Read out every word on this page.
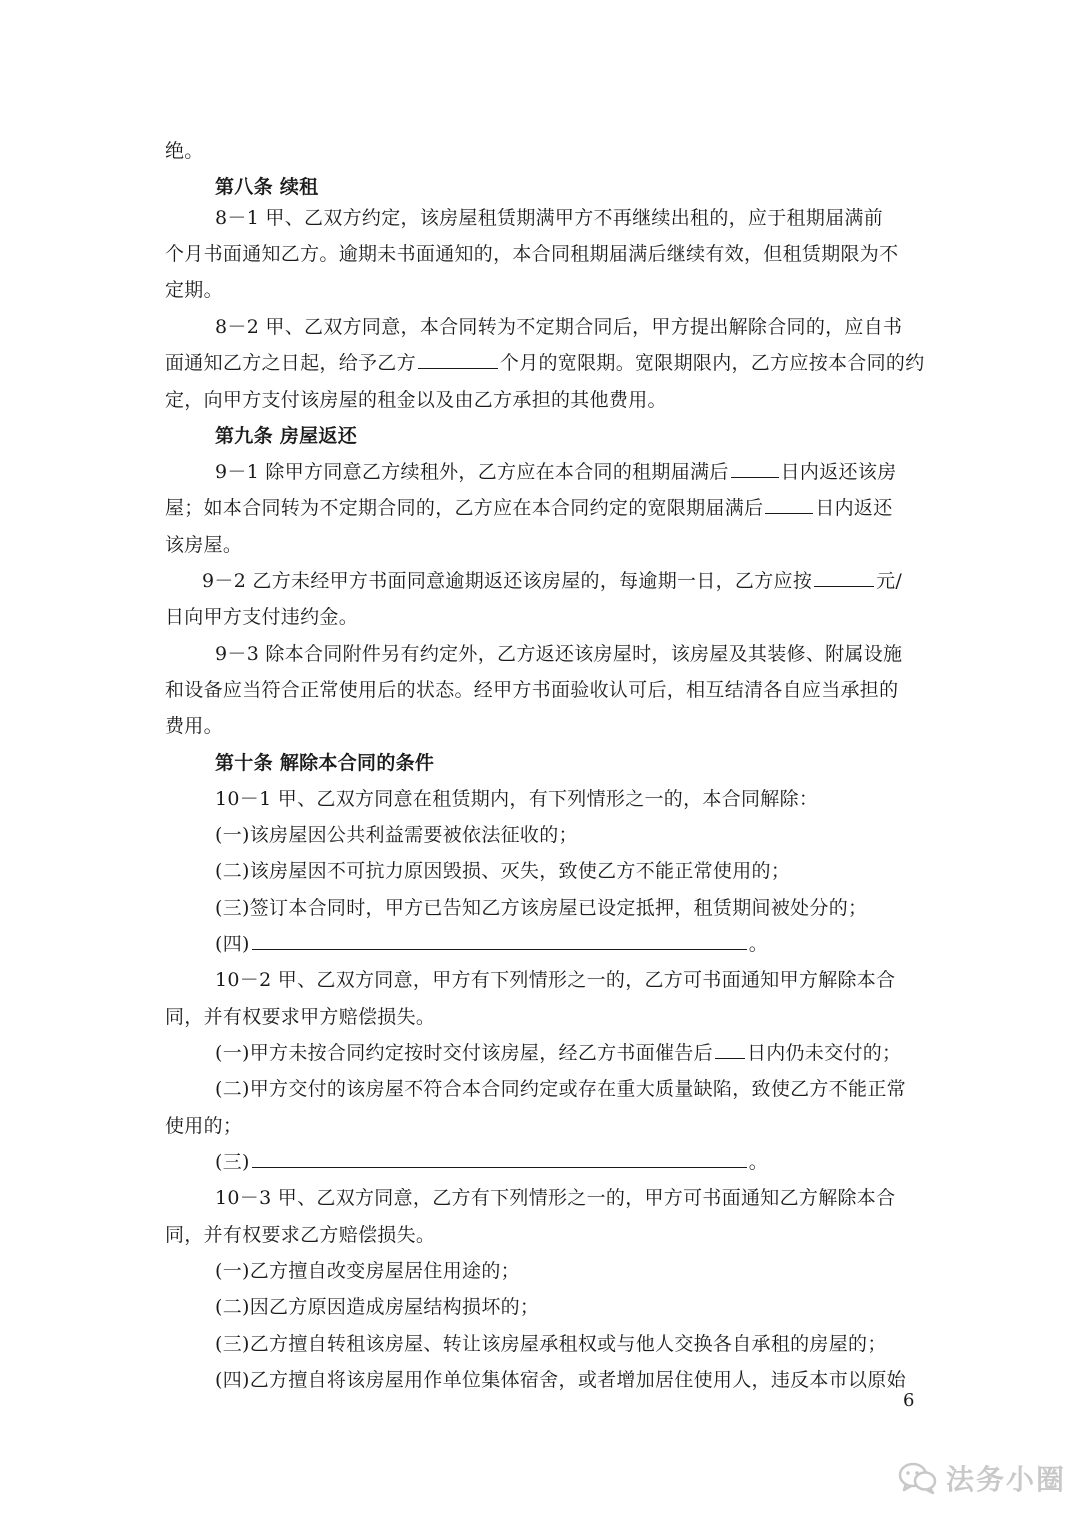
绝。
第八条 续租
8－1 甲、乙双方约定，该房屋租赁期满甲方不再继续出租的，应于租期届满前
个月书面通知乙方。逾期未书面通知的，本合同租期届满后继续有效，但租赁期限为不
定期。
8－2 甲、乙双方同意，本合同转为不定期合同后，甲方提出解除合同的，应自书
面通知乙方之日起，给予乙方	个月的宽限期。宽限期限内，乙方应按本合同的约
定，向甲方支付该房屋的租金以及由乙方承担的其他费用。
第九条 房屋返还
9－1 除甲方同意乙方续租外，乙方应在本合同的租期届满后	日内返还该房
屋；如本合同转为不定期合同的，乙方应在本合同约定的宽限期届满后	日内返还
该房屋。
9－2 乙方未经甲方书面同意逾期返还该房屋的，每逾期一日，乙方应按	元/
日向甲方支付违约金。
9－3 除本合同附件另有约定外，乙方返还该房屋时，该房屋及其装修、附属设施
和设备应当符合正常使用后的状态。经甲方书面验收认可后，相互结清各自应当承担的
费用。
第十条 解除本合同的条件
10－1 甲、乙双方同意在租赁期内，有下列情形之一的，本合同解除：
(一)该房屋因公共利益需要被依法征收的；
(二)该房屋因不可抗力原因毁损、灭失，致使乙方不能正常使用的；
(三)签订本合同时，甲方已告知乙方该房屋已设定抵押，租赁期间被处分的；
(四)	。
10－2 甲、乙双方同意，甲方有下列情形之一的，乙方可书面通知甲方解除本合
同，并有权要求甲方赔偿损失。
(一)甲方未按合同约定按时交付该房屋，经乙方书面催告后 日内仍未交付的；
(二)甲方交付的该房屋不符合本合同约定或存在重大质量缺陷，致使乙方不能正常
使用的；
(三)	。
10－3 甲、乙双方同意，乙方有下列情形之一的，甲方可书面通知乙方解除本合
同，并有权要求乙方赔偿损失。
(一)乙方擅自改变房屋居住用途的；
(二)因乙方原因造成房屋结构损坏的；
(三)乙方擅自转租该房屋、转让该房屋承租权或与他人交换各自承租的房屋的；
(四)乙方擅自将该房屋用作单位集体宿舍，或者增加居住使用人，违反本市以原始
6
法务小圈
